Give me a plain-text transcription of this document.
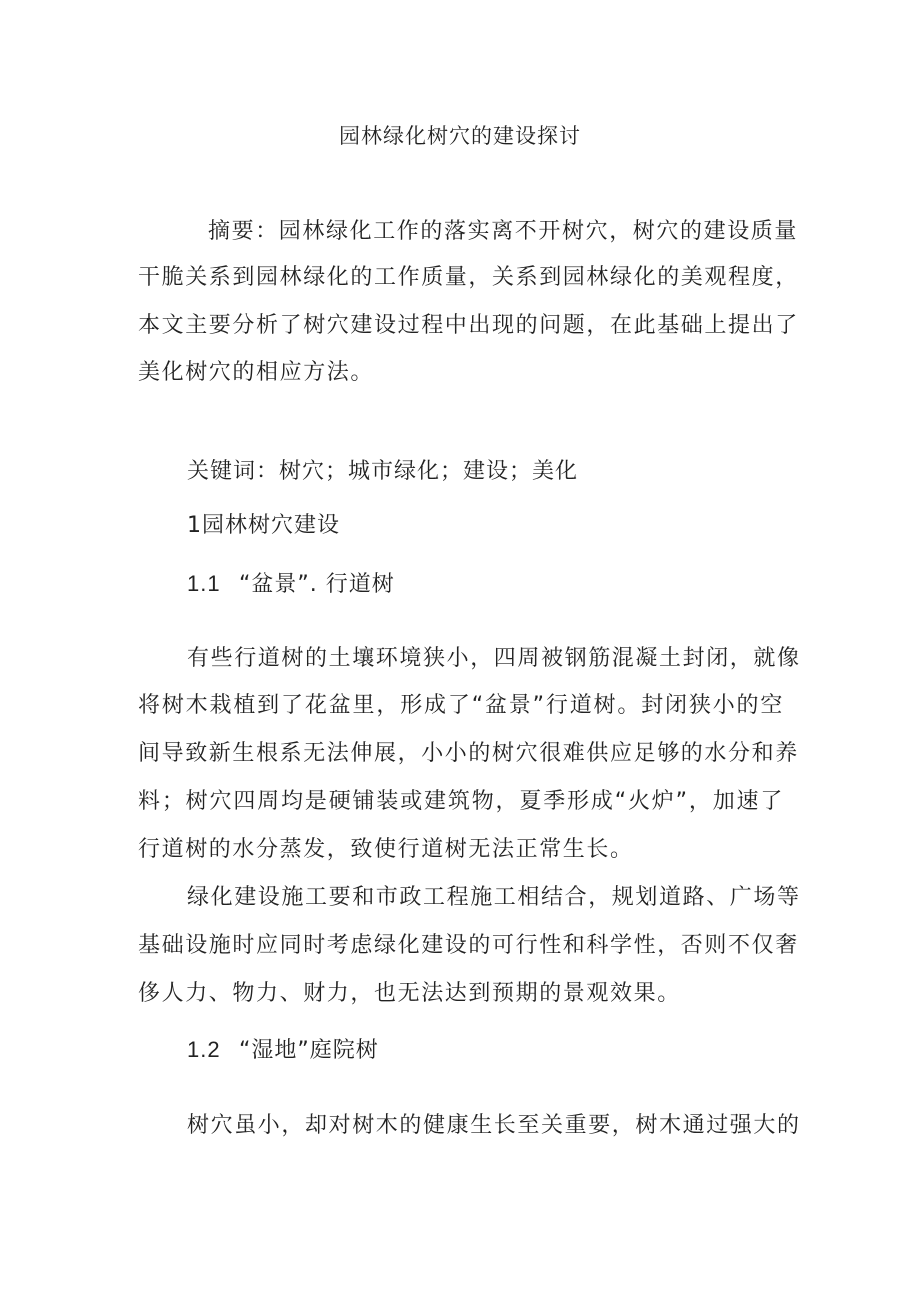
园林绿化树穴的建设探讨

摘要：园林绿化工作的落实离不开树穴，树穴的建设质量

干脆关系到园林绿化的工作质量，关系到园林绿化的美观程度，

本文主要分析了树穴建设过程中出现的问题，在此基础上提出了

美化树穴的相应方法。

关键词：树穴；城市绿化；建设；美化

1园林树穴建设

1.1 “盆景”. 行道树

有些行道树的土壤环境狭小，四周被钢筋混凝土封闭，就像

将树木栽植到了花盆里，形成了“盆景”行道树。封闭狭小的空

间导致新生根系无法伸展，小小的树穴很难供应足够的水分和养

料；树穴四周均是硬铺装或建筑物，夏季形成“火炉”，加速了

行道树的水分蒸发，致使行道树无法正常生长。

绿化建设施工要和市政工程施工相结合，规划道路、广场等

基础设施时应同时考虑绿化建设的可行性和科学性，否则不仅奢

侈人力、物力、财力，也无法达到预期的景观效果。

1.2 “湿地”庭院树

树穴虽小，却对树木的健康生长至关重要，树木通过强大的
